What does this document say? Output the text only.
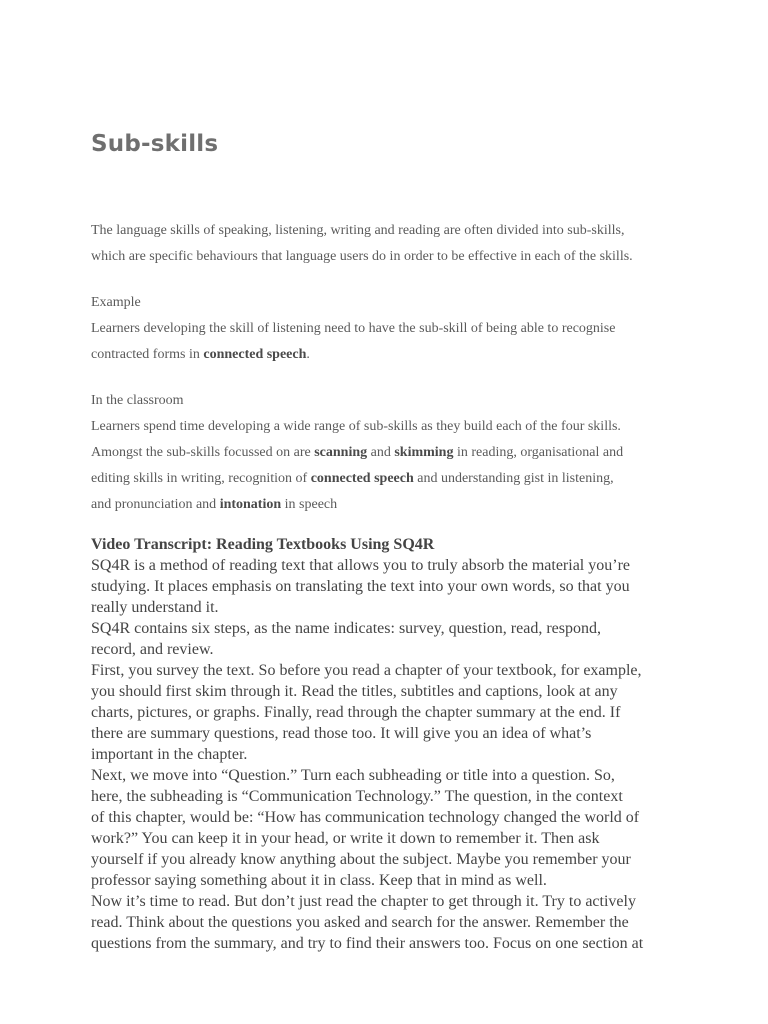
Sub-skills

The language skills of speaking, listening, writing and reading are often divided into sub-skills,

which are specific behaviours that language users do in order to be effective in each of the skills.

Example

Learners developing the skill of listening need to have the sub-skill of being able to recognise

contracted forms in connected speech.

In the classroom

Learners spend time developing a wide range of sub-skills as they build each of the four skills.

Amongst the sub-skills focussed on are scanning and skimming in reading, organisational and

editing skills in writing, recognition of connected speech and understanding gist in listening,

and pronunciation and intonation in speech

Video Transcript: Reading Textbooks Using SQ4R

SQ4R is a method of reading text that allows you to truly absorb the material you’re

studying. It places emphasis on translating the text into your own words, so that you

really understand it.

SQ4R contains six steps, as the name indicates: survey, question, read, respond,

record, and review.

First, you survey the text. So before you read a chapter of your textbook, for example,

you should first skim through it. Read the titles, subtitles and captions, look at any

charts, pictures, or graphs. Finally, read through the chapter summary at the end. If

there are summary questions, read those too. It will give you an idea of what’s

important in the chapter.

Next, we move into “Question.” Turn each subheading or title into a question. So,

here, the subheading is “Communication Technology.” The question, in the context

of this chapter, would be: “How has communication technology changed the world of

work?” You can keep it in your head, or write it down to remember it. Then ask

yourself if you already know anything about the subject. Maybe you remember your

professor saying something about it in class. Keep that in mind as well.

Now it’s time to read. But don’t just read the chapter to get through it. Try to actively

read. Think about the questions you asked and search for the answer. Remember the

questions from the summary, and try to find their answers too. Focus on one section at
